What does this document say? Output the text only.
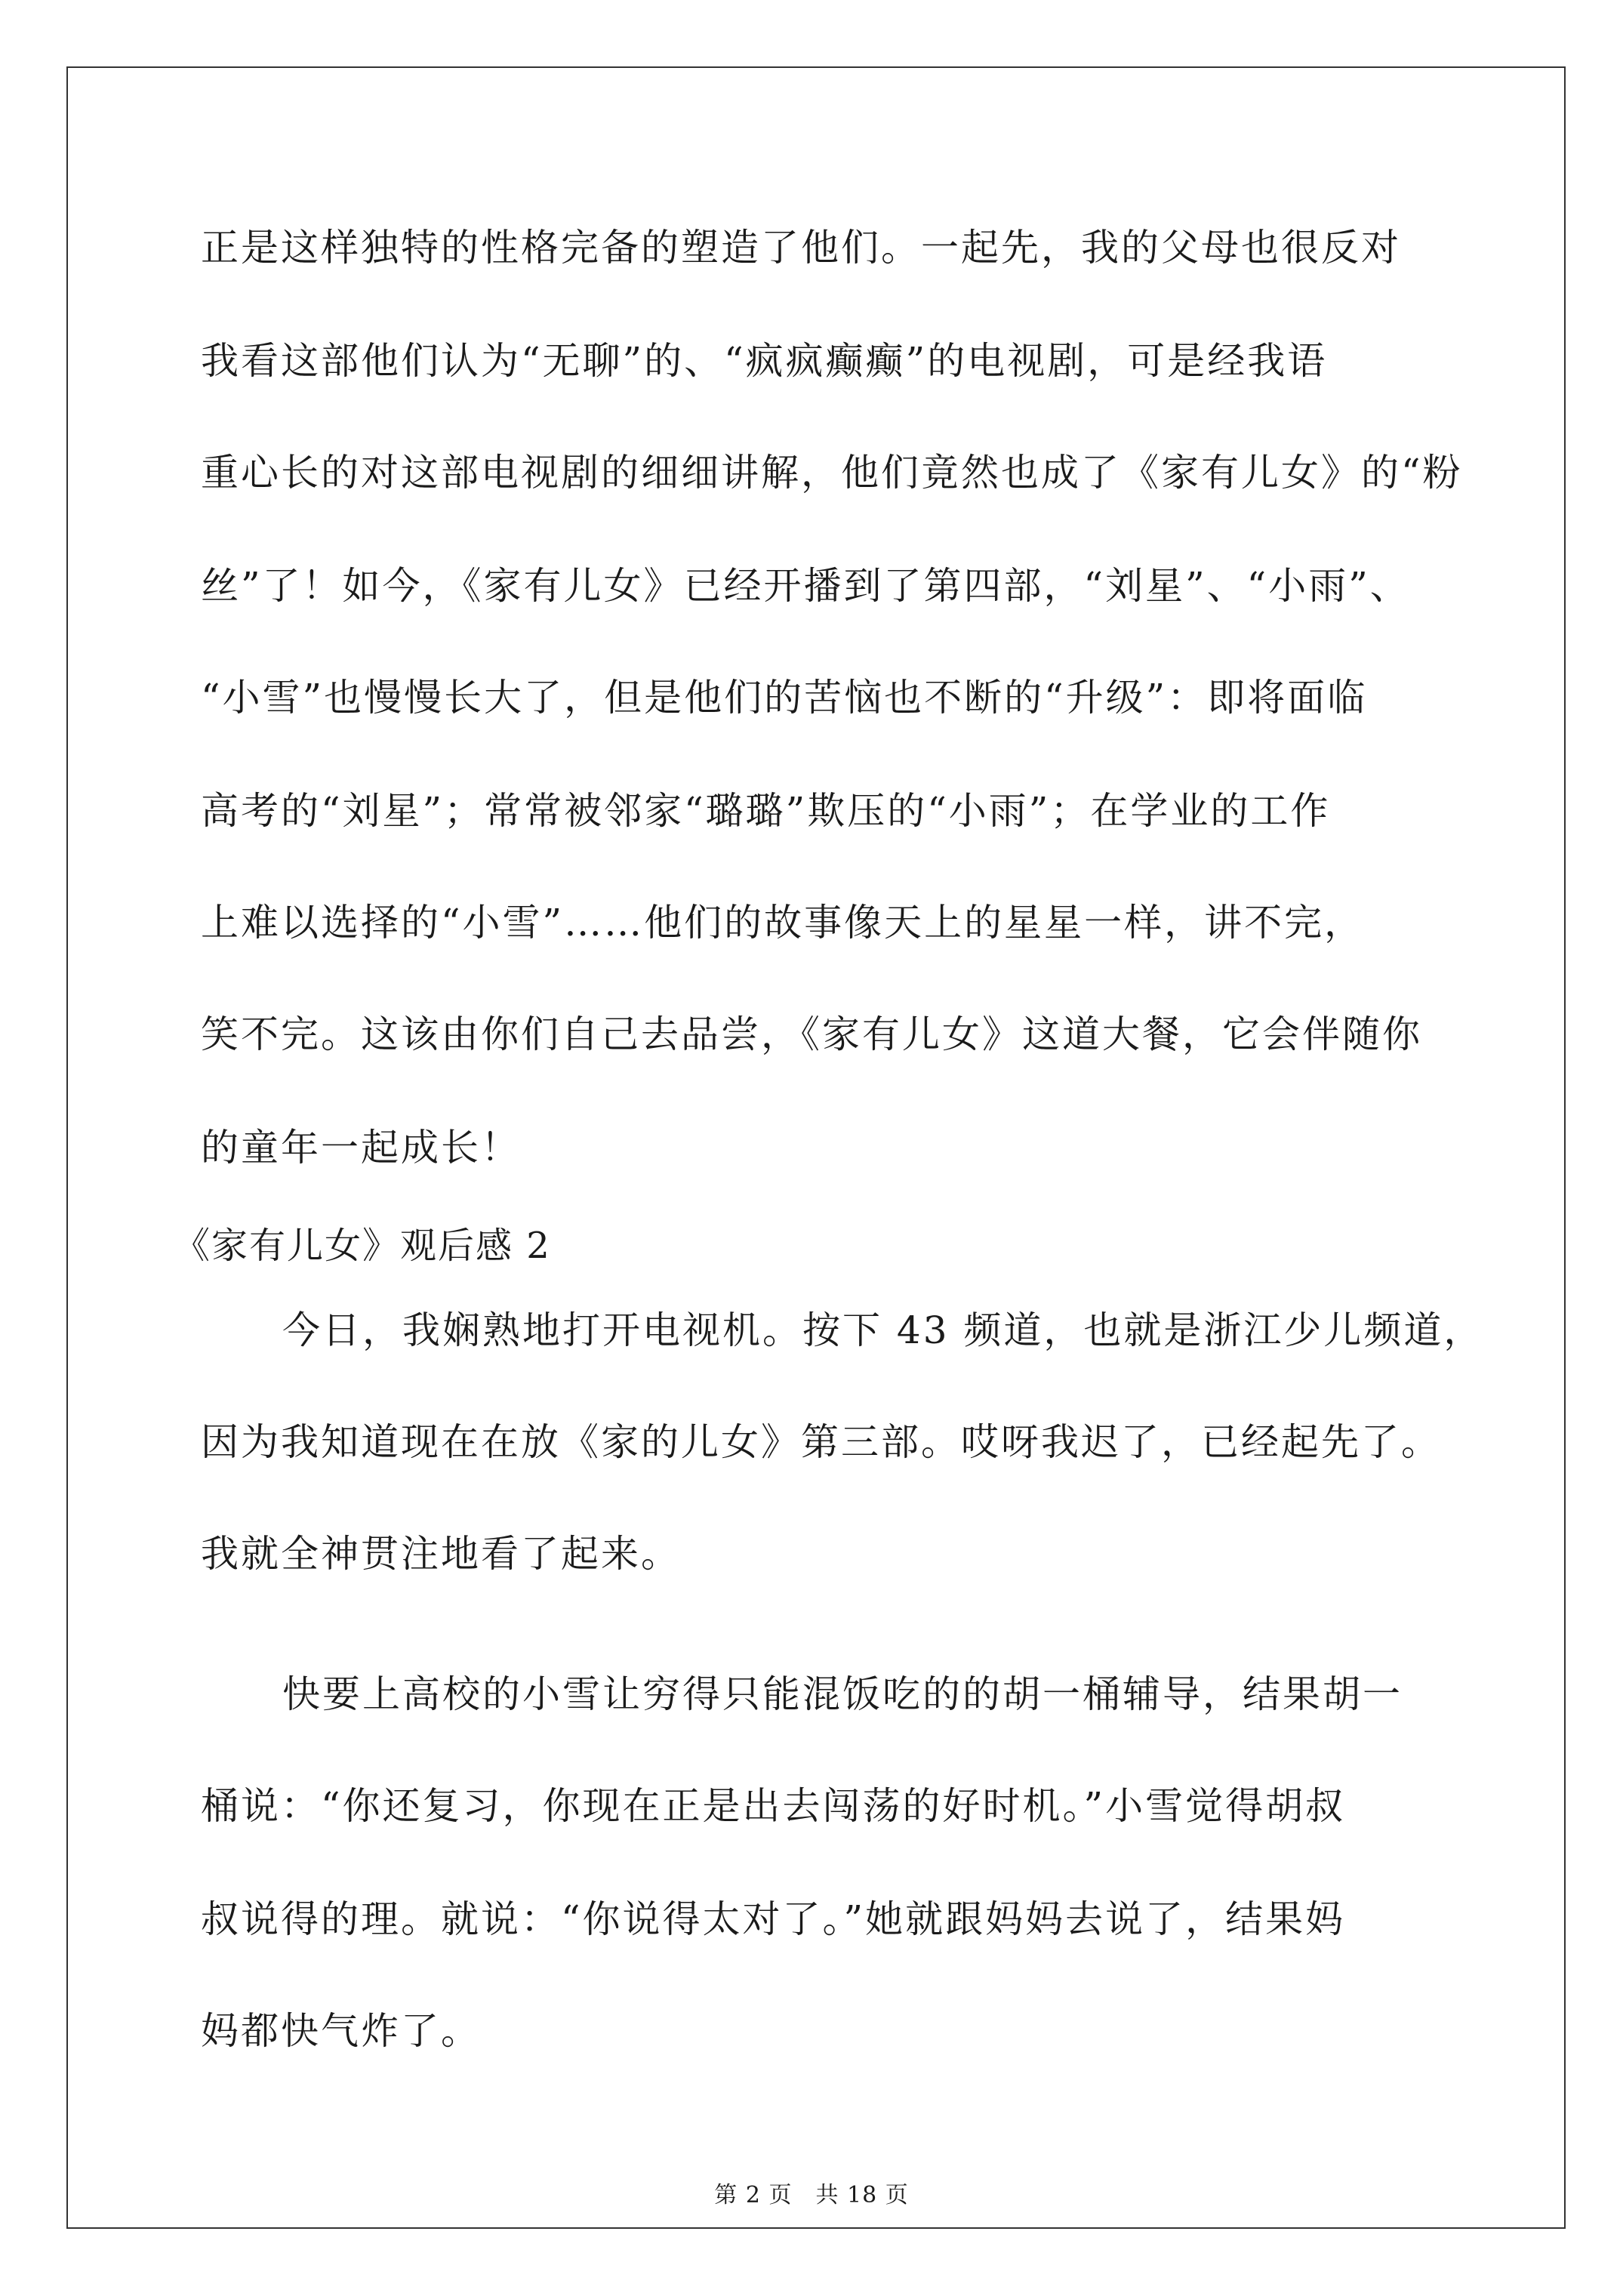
正是这样独特的性格完备的塑造了他们。一起先，我的父母也很反对
我看这部他们认为“无聊”的、“疯疯癫癫”的电视剧，可是经我语
重心长的对这部电视剧的细细讲解，他们竟然也成了《家有儿女》的“粉
丝”了！如今，《家有儿女》已经开播到了第四部，“刘星”、“小雨”、
“小雪”也慢慢长大了，但是他们的苦恼也不断的“升级”：即将面临
高考的“刘星”；常常被邻家“璐璐”欺压的“小雨”；在学业的工作
上难以选择的“小雪”……他们的故事像天上的星星一样，讲不完，
笑不完。这该由你们自己去品尝，《家有儿女》这道大餐，它会伴随你
的童年一起成长！
《家有儿女》观后感 2
今日，我娴熟地打开电视机。按下 43 频道，也就是浙江少儿频道，
因为我知道现在在放《家的儿女》第三部。哎呀我迟了，已经起先了。
我就全神贯注地看了起来。
快要上高校的小雪让穷得只能混饭吃的的胡一桶辅导，结果胡一
桶说：“你还复习，你现在正是出去闯荡的好时机。”小雪觉得胡叔
叔说得的理。就说：“你说得太对了。”她就跟妈妈去说了，结果妈
妈都快气炸了。
第 2 页　共 18 页
